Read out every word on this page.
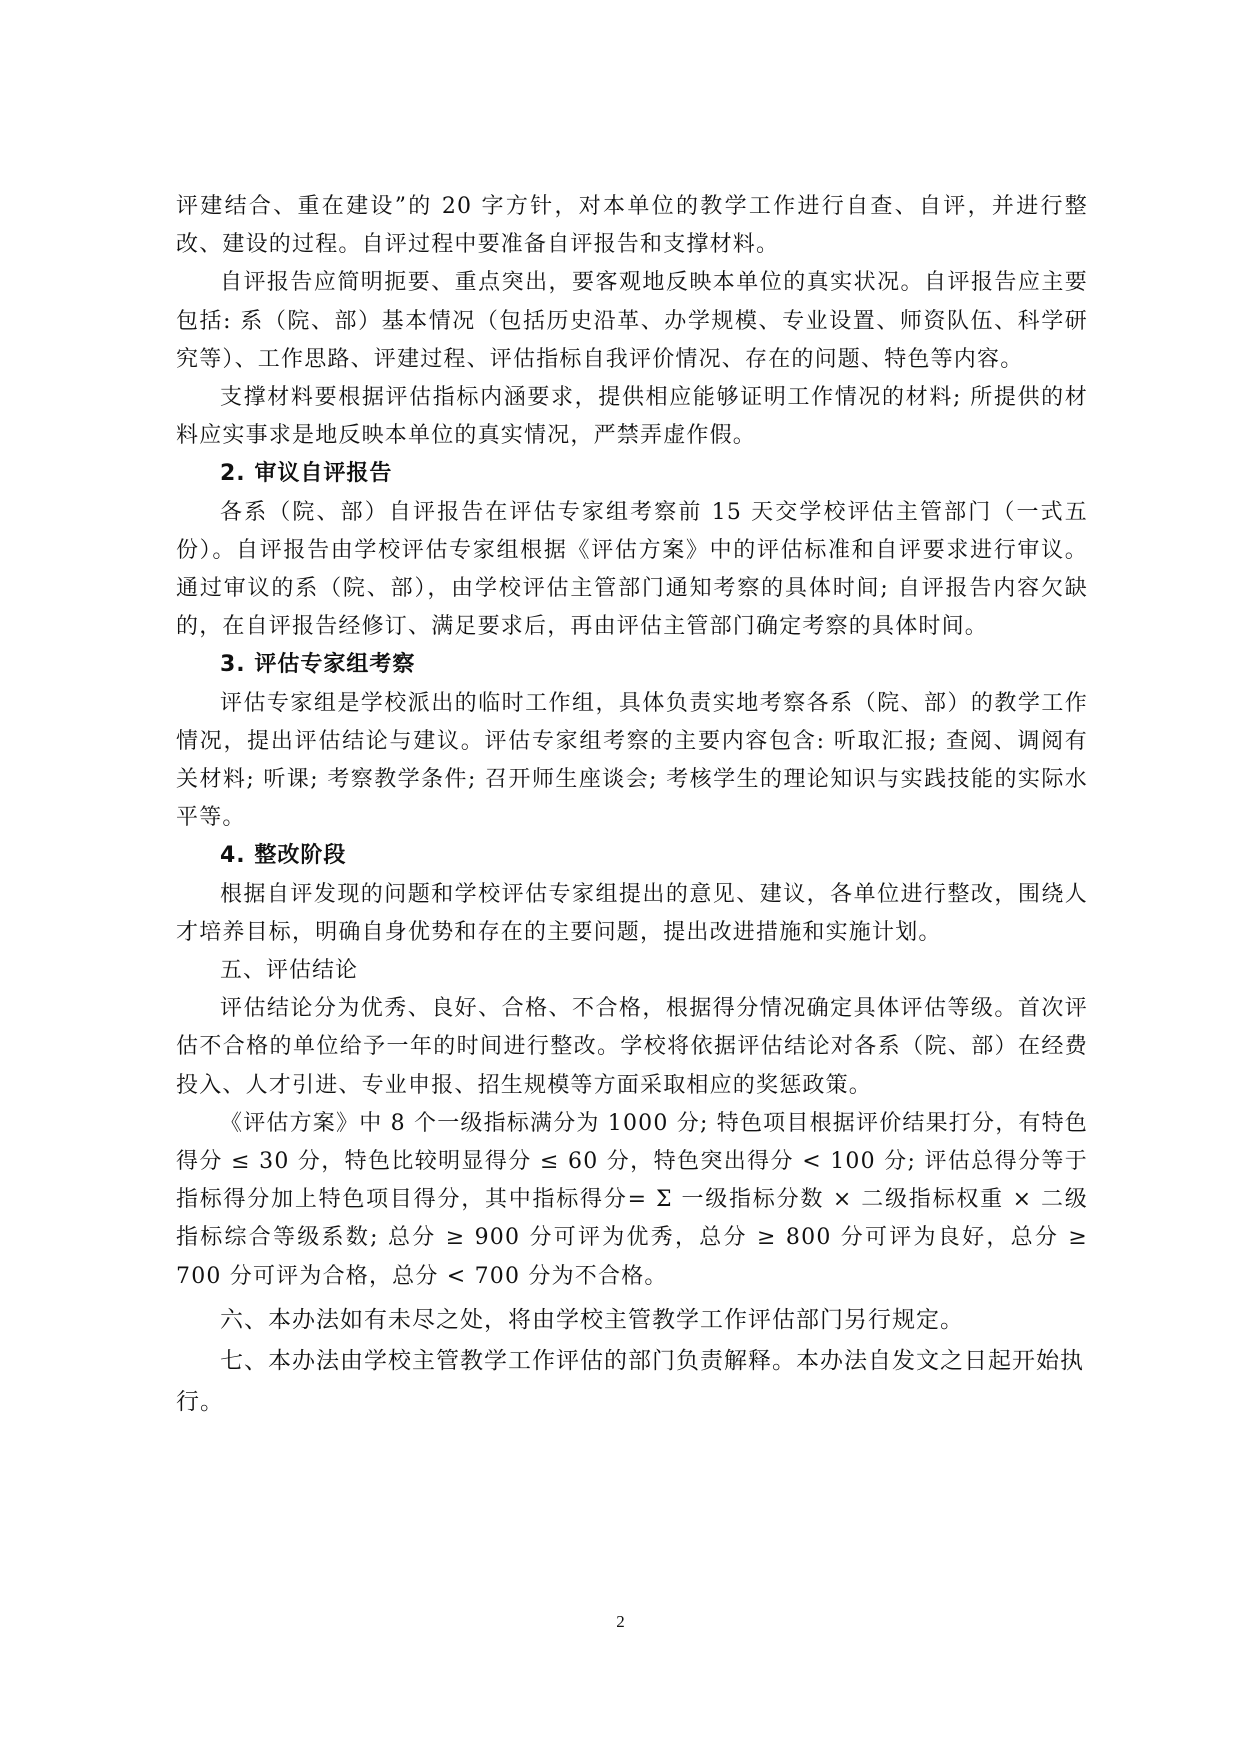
评建结合、重在建设”的 20 字方针，对本单位的教学工作进行自查、自评，并进行整改、建设的过程。自评过程中要准备自评报告和支撑材料。

自评报告应简明扼要、重点突出，要客观地反映本单位的真实状况。自评报告应主要包括: 系（院、部）基本情况（包括历史沿革、办学规模、专业设置、师资队伍、科学研究等）、工作思路、评建过程、评估指标自我评价情况、存在的问题、特色等内容。

支撑材料要根据评估指标内涵要求，提供相应能够证明工作情况的材料; 所提供的材料应实事求是地反映本单位的真实情况，严禁弄虚作假。

2. 审议自评报告

各系（院、部）自评报告在评估专家组考察前 15 天交学校评估主管部门（一式五份）。自评报告由学校评估专家组根据《评估方案》中的评估标准和自评要求进行审议。通过审议的系（院、部），由学校评估主管部门通知考察的具体时间; 自评报告内容欠缺的，在自评报告经修订、满足要求后，再由评估主管部门确定考察的具体时间。

3. 评估专家组考察

评估专家组是学校派出的临时工作组，具体负责实地考察各系（院、部）的教学工作情况，提出评估结论与建议。评估专家组考察的主要内容包含: 听取汇报; 查阅、调阅有关材料; 听课; 考察教学条件; 召开师生座谈会; 考核学生的理论知识与实践技能的实际水平等。

4. 整改阶段

根据自评发现的问题和学校评估专家组提出的意见、建议，各单位进行整改，围绕人才培养目标，明确自身优势和存在的主要问题，提出改进措施和实施计划。

五、评估结论

评估结论分为优秀、良好、合格、不合格，根据得分情况确定具体评估等级。首次评估不合格的单位给予一年的时间进行整改。学校将依据评估结论对各系（院、部）在经费投入、人才引进、专业申报、招生规模等方面采取相应的奖惩政策。

《评估方案》中 8 个一级指标满分为 1000 分; 特色项目根据评价结果打分，有特色得分 ≤ 30 分，特色比较明显得分 ≤ 60 分，特色突出得分 < 100 分; 评估总得分等于指标得分加上特色项目得分，其中指标得分= Σ 一级指标分数 × 二级指标权重 × 二级指标综合等级系数; 总分 ≥ 900 分可评为优秀，总分 ≥ 800 分可评为良好，总分 ≥ 700 分可评为合格，总分 < 700 分为不合格。

六、本办法如有未尽之处，将由学校主管教学工作评估部门另行规定。

七、本办法由学校主管教学工作评估的部门负责解释。本办法自发文之日起开始执行。

2
